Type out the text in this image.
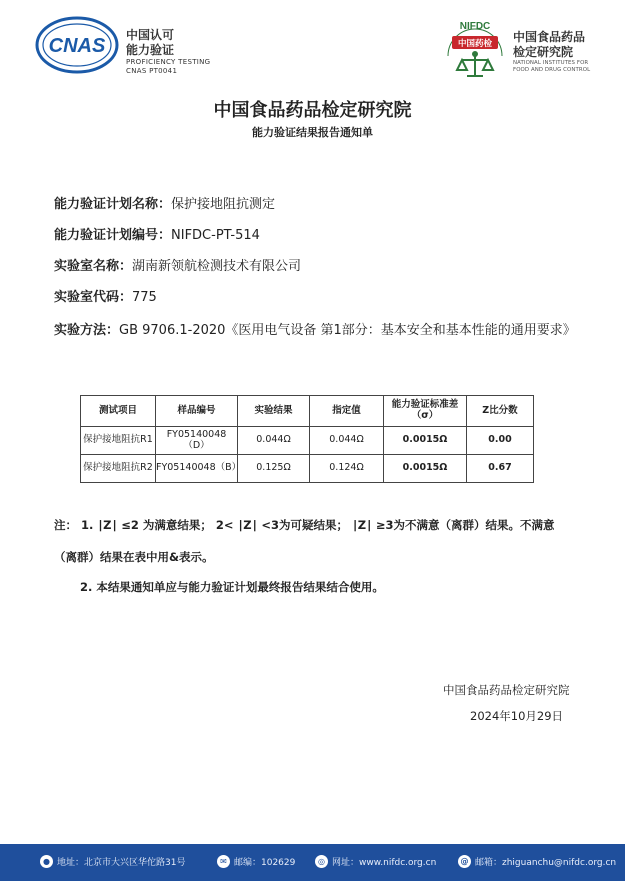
CNAS 中国认可
能力验证
PROFICIENCY TESTING
CNAS PT0041
NIFDC
中国药检 中国食品药品
检定研究院
NATIONAL INSTITUTES FOR
FOOD AND DRUG CONTROL
中国食品药品检定研究院
能力验证结果报告通知单
能力验证计划名称：保护接地阻抗测定
能力验证计划编号：NIFDC-PT-514
实验室名称：湖南新领航检测技术有限公司
实验室代码：775
实验方法：GB 9706.1-2020《医用电气设备 第1部分：基本安全和基本性能的通用要求》
测试项目	样品编号	实验结果	指定值	能力验证标准差（σ）	Z比分数
保护接地阻抗R1	FY05140048（D）	0.044Ω	0.044Ω	0.0015Ω	0.00
保护接地阻抗R2	FY05140048（B）	0.125Ω	0.124Ω	0.0015Ω	0.67
注： 1. ∣Z∣ ≤2 为满意结果； 2< ∣Z∣ <3为可疑结果； ∣Z∣ ≥3为不满意（离群）结果。不满意
（离群）结果在表中用&表示。
2. 本结果通知单应与能力验证计划最终报告结果结合使用。
中国食品药品检定研究院
2024年10月29日
● 地址：北京市大兴区华佗路31号	✉ 邮编：102629	◎ 网址：www.nifdc.org.cn	@ 邮箱：zhiguanchu@nifdc.org.cn
